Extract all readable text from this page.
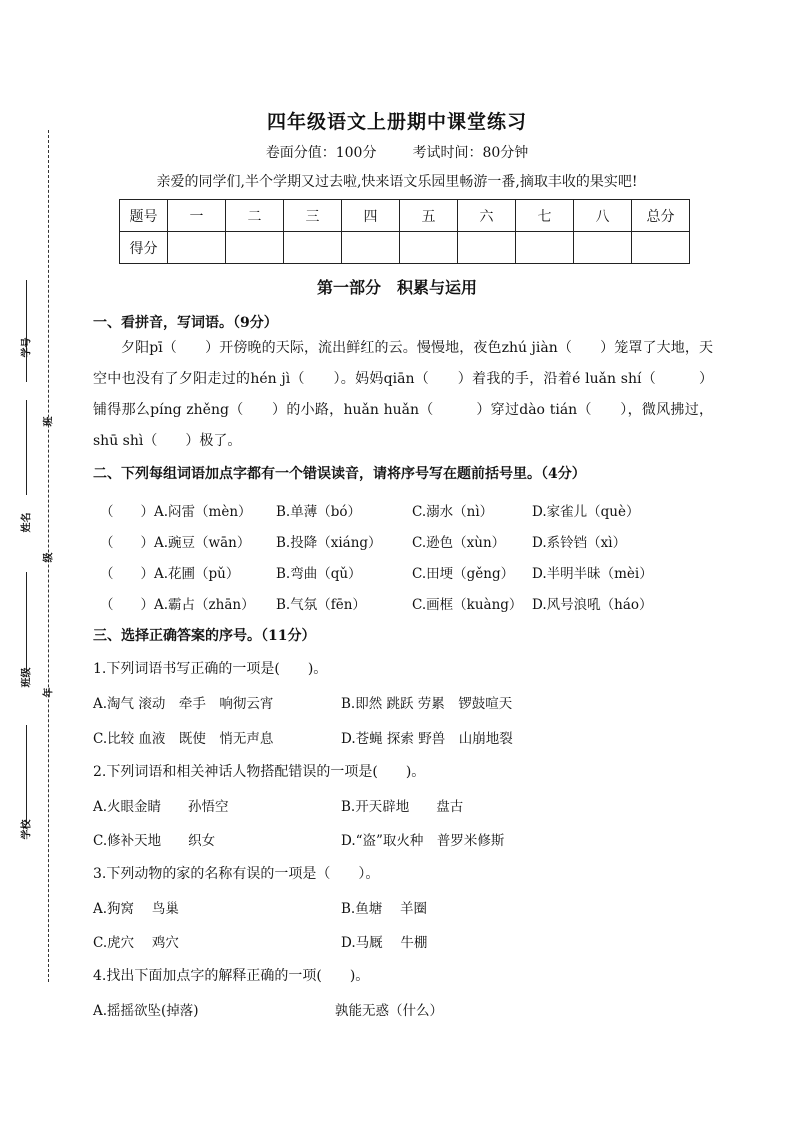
学号
班
姓名
级
班级
年
学校
四年级语文上册期中课堂练习
卷面分值：100分	考试时间：80分钟
亲爱的同学们,半个学期又过去啦,快来语文乐园里畅游一番,摘取丰收的果实吧!
题号	一	二	三	四	五	六	七	八	总分
得分									
第一部分　积累与运用
一、看拼音，写词语。（9分）
夕阳pī（　　）开傍晚的天际，流出鲜红的云。慢慢地，夜色zhú jiàn（　　）笼罩了大地，天空中也没有了夕阳走过的hén jì（　　）。妈妈qiān（　　）着我的手，沿着é luǎn shí（　　　）铺得那么píng zhěng（　　）的小路，huǎn huǎn（　　　）穿过dào tián（　　），微风拂过，shū shì（　　）极了。
二、下列每组词语加点字都有一个错误读音，请将序号写在题前括号里。（4分）
（　　）A.闷雷（mèn） B.单薄（bó）	C.溺水（nì）	D.家雀儿（què）
（　　）A.豌豆（wān） B.投降（xiáng） C.逊色（xùn） D.系铃铛（xì）
（　　）A.花圃（pǔ）	B.弯曲（qǔ）	C.田埂（gěng） D.半明半昧（mèi）
（　　）A.霸占（zhān） B.气氛（fēn）	C.画框（kuàng） D.风号浪吼（háo）
三、选择正确答案的序号。（11分）
1.下列词语书写正确的一项是(　　)。
A.淘气 滚动　牵手　响彻云宵	B.即然 跳跃 劳累　锣鼓喧天
C.比较 血液　既使　悄无声息	D.苍蝇 探索 野兽　山崩地裂
2.下列词语和相关神话人物搭配错误的一项是(　　)。
A.火眼金睛　　孙悟空	B.开天辟地　　盘古
C.修补天地　　织女	D.“盗”取火种　普罗米修斯
3.下列动物的家的名称有误的一项是（　　）。
A.狗窝　 鸟巢	B.鱼塘　 羊圈
C.虎穴　 鸡穴	D.马厩　 牛棚
4.找出下面加点字的解释正确的一项(　　)。
A.摇摇欲坠(掉落)	孰能无惑（什么）
